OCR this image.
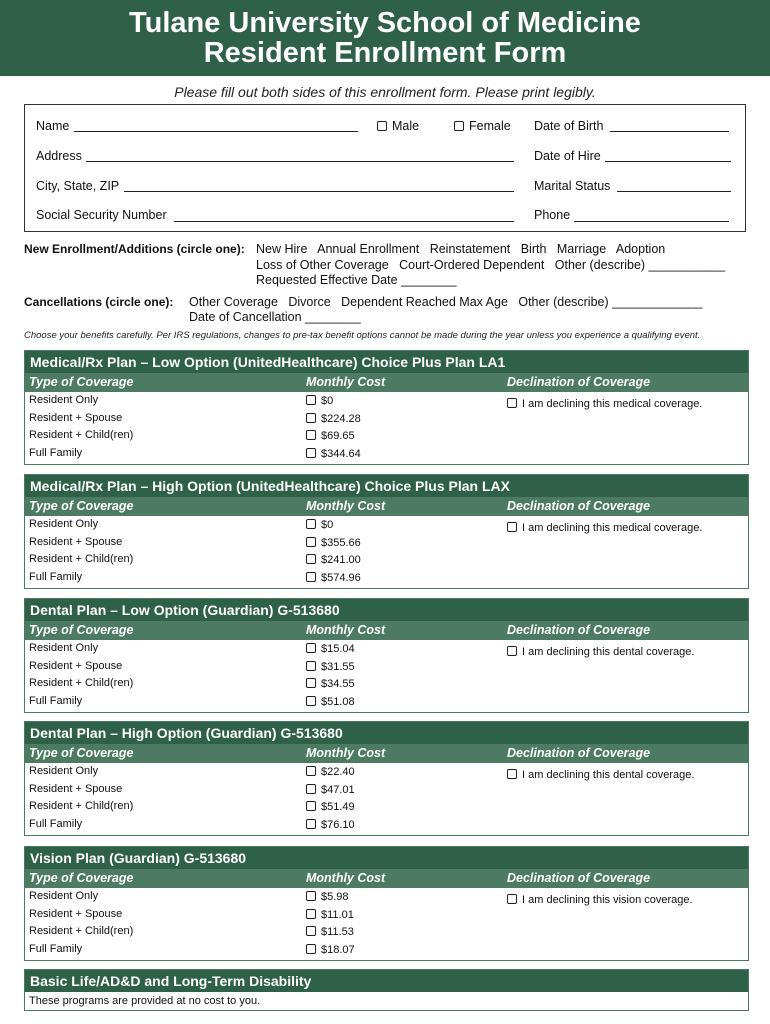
Tulane University School of Medicine
Resident Enrollment Form
Please fill out both sides of this enrollment form. Please print legibly.
Name	Male	Female Date of Birth
Address	Date of Hire
City, State, ZIP	Marital Status
Social Security Number	Phone
New Enrollment/Additions (circle one): New Hire   Annual Enrollment   Reinstatement   Birth   Marriage   Adoption
Loss of Other Coverage   Court-Ordered Dependent   Other (describe) ___________
Requested Effective Date ________
Cancellations (circle one): Other Coverage   Divorce   Dependent Reached Max Age   Other (describe) _____________
Date of Cancellation ________
Choose your benefits carefully. Per IRS regulations, changes to pre-tax benefit options cannot be made during the year unless you experience a qualifying event.
Medical/Rx Plan – Low Option (UnitedHealthcare) Choice Plus Plan LA1
Type of Coverage	Monthly Cost	Declination of Coverage
Resident Only	$0
Resident + Spouse	$224.28
Resident + Child(ren)	$69.65
Full Family	$344.64
I am declining this medical coverage.
Medical/Rx Plan – High Option (UnitedHealthcare) Choice Plus Plan LAX
Type of Coverage	Monthly Cost	Declination of Coverage
Resident Only	$0
Resident + Spouse	$355.66
Resident + Child(ren)	$241.00
Full Family	$574.96
I am declining this medical coverage.
Dental Plan – Low Option (Guardian) G-513680
Type of Coverage	Monthly Cost	Declination of Coverage
Resident Only	$15.04
Resident + Spouse	$31.55
Resident + Child(ren)	$34.55
Full Family	$51.08
I am declining this dental coverage.
Dental Plan – High Option (Guardian) G-513680
Type of Coverage	Monthly Cost	Declination of Coverage
Resident Only	$22.40
Resident + Spouse	$47.01
Resident + Child(ren)	$51.49
Full Family	$76.10
I am declining this dental coverage.
Vision Plan (Guardian) G-513680
Type of Coverage	Monthly Cost	Declination of Coverage
Resident Only	$5.98
Resident + Spouse	$11.01
Resident + Child(ren)	$11.53
Full Family	$18.07
I am declining this vision coverage.
Basic Life/AD&D and Long-Term Disability
These programs are provided at no cost to you.
